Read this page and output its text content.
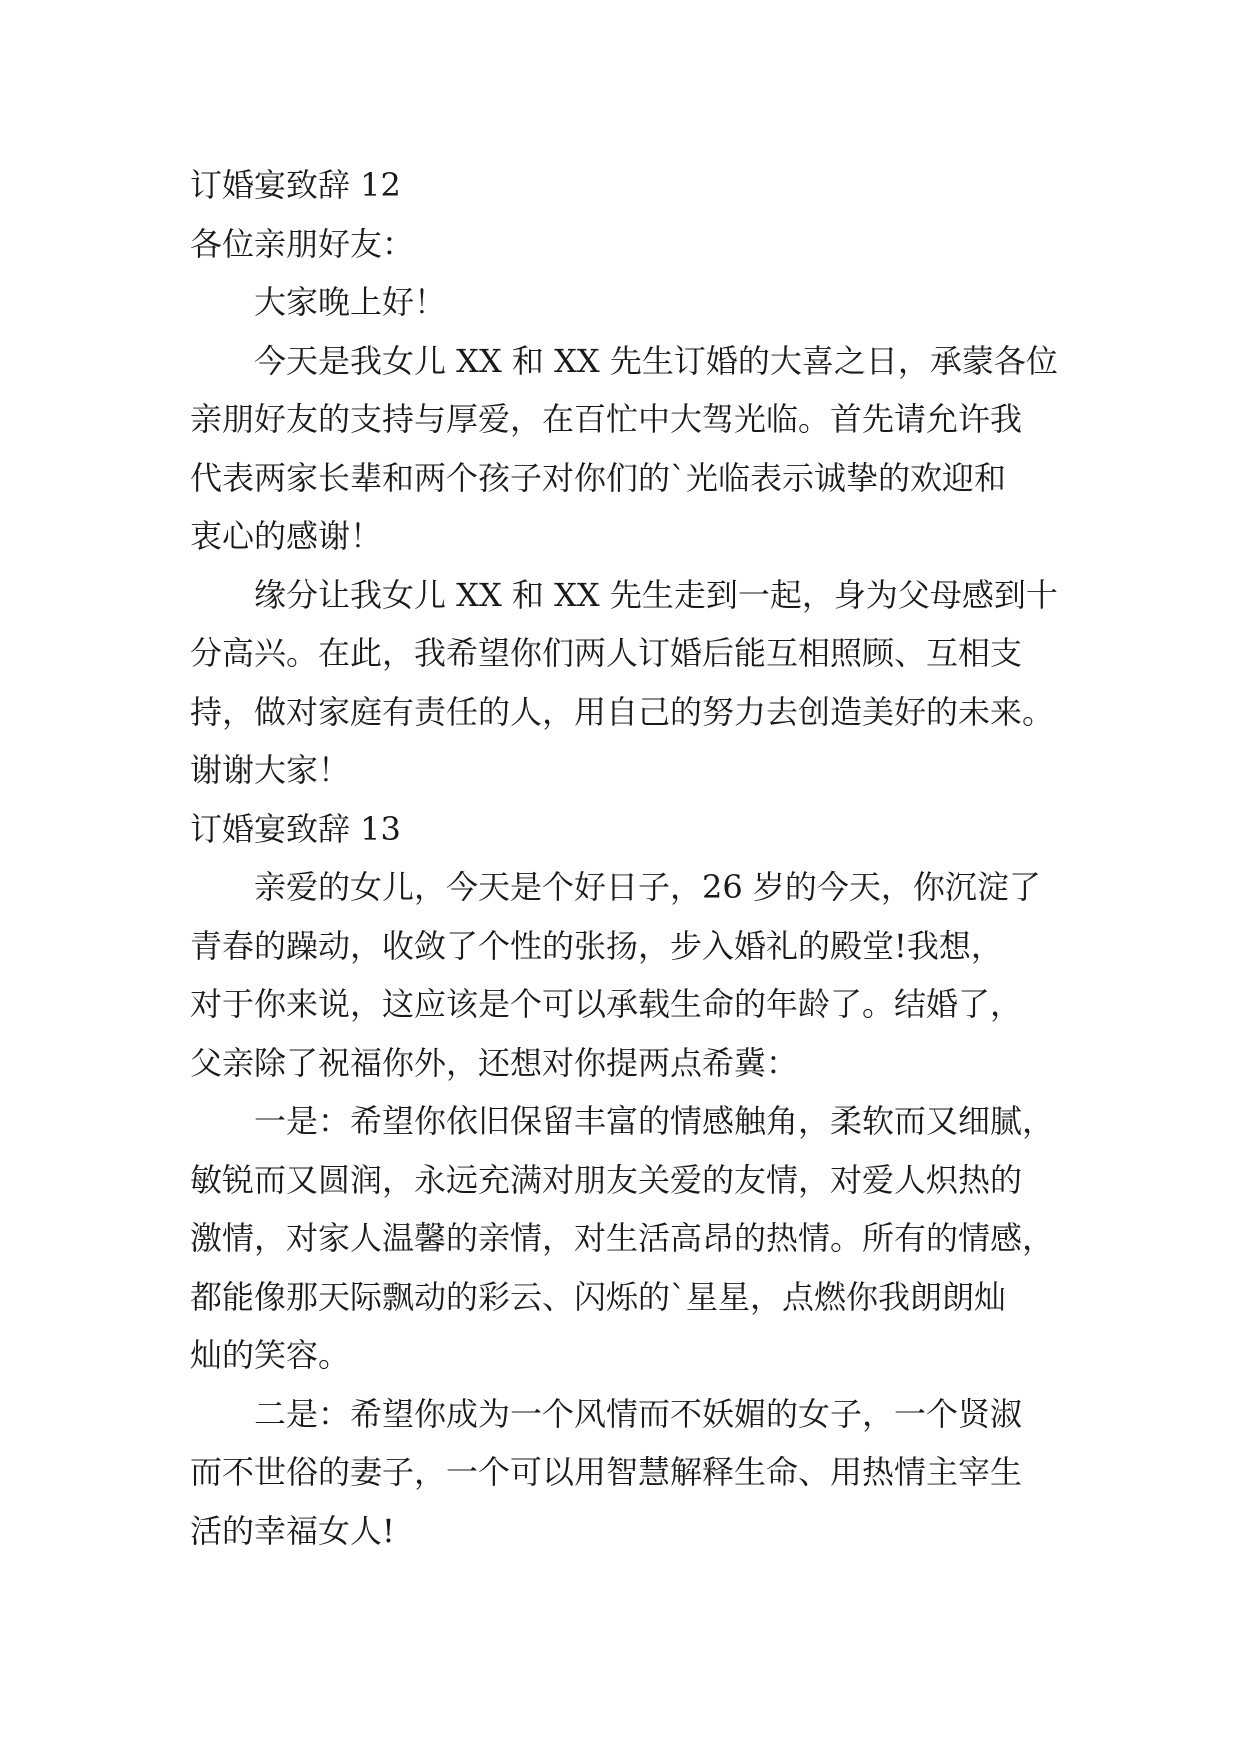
订婚宴致辞 12

各位亲朋好友：

大家晚上好！

今天是我女儿 XX 和 XX 先生订婚的大喜之日，承蒙各位

亲朋好友的支持与厚爱，在百忙中大驾光临。首先请允许我

代表两家长辈和两个孩子对你们的`光临表示诚挚的欢迎和

衷心的感谢！

缘分让我女儿 XX 和 XX 先生走到一起，身为父母感到十

分高兴。在此，我希望你们两人订婚后能互相照顾、互相支

持，做对家庭有责任的人，用自己的努力去创造美好的未来。

谢谢大家！

订婚宴致辞 13

亲爱的女儿，今天是个好日子，26 岁的今天，你沉淀了

青春的躁动，收敛了个性的张扬，步入婚礼的殿堂!我想，

对于你来说，这应该是个可以承载生命的年龄了。结婚了，

父亲除了祝福你外，还想对你提两点希冀：

一是：希望你依旧保留丰富的情感触角，柔软而又细腻，

敏锐而又圆润，永远充满对朋友关爱的友情，对爱人炽热的

激情，对家人温馨的亲情，对生活高昂的热情。所有的情感，

都能像那天际飘动的彩云、闪烁的`星星，点燃你我朗朗灿

灿的笑容。

二是：希望你成为一个风情而不妖媚的女子，一个贤淑

而不世俗的妻子，一个可以用智慧解释生命、用热情主宰生

活的幸福女人!
